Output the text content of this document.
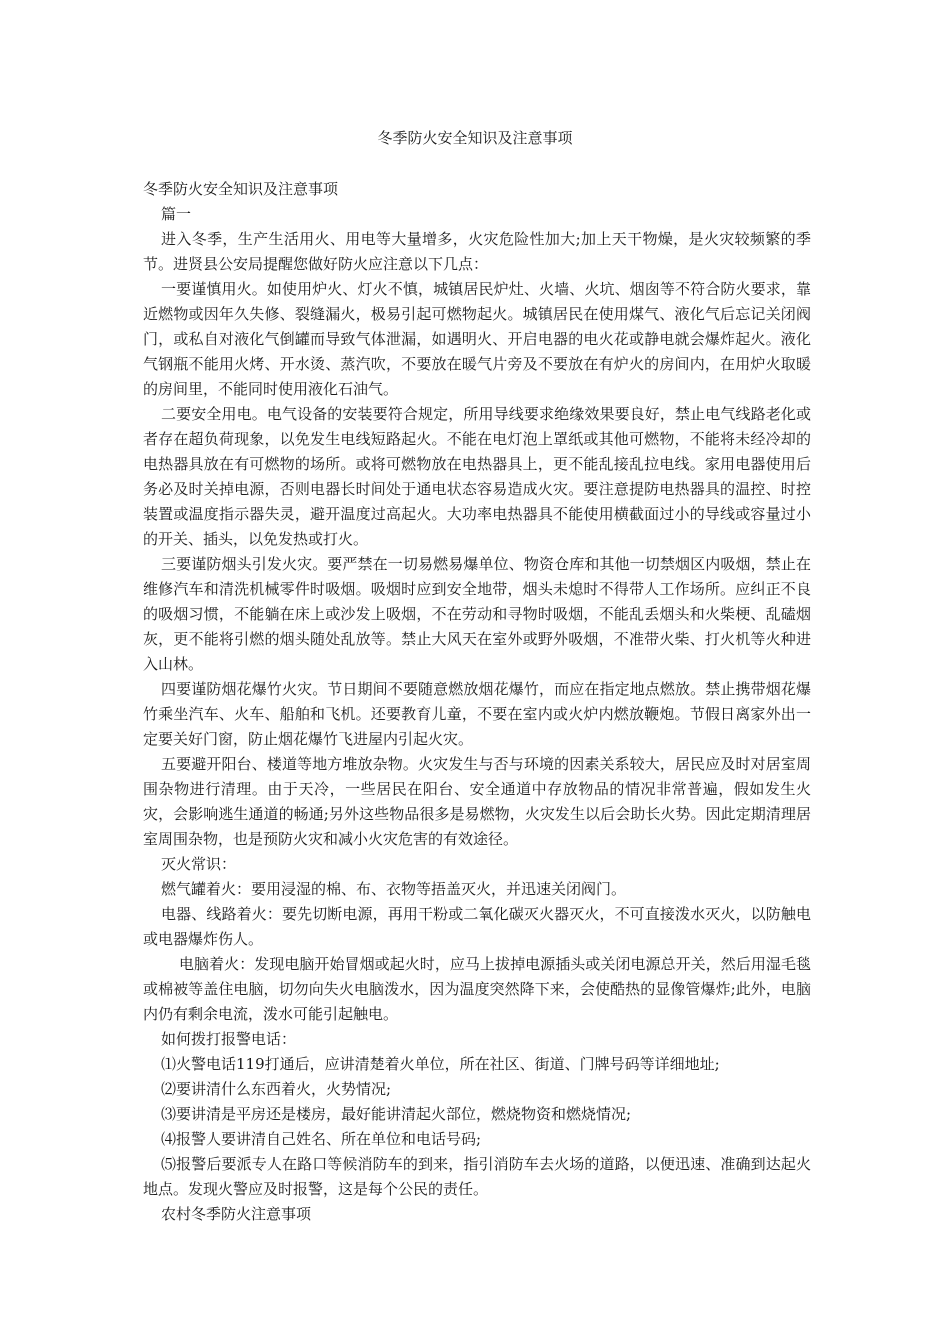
冬季防火安全知识及注意事项

冬季防火安全知识及注意事项

篇一

进入冬季，生产生活用火、用电等大量增多，火灾危险性加大;加上天干物燥，是火灾较频繁的季节。进贤县公安局提醒您做好防火应注意以下几点：

一要谨慎用火。如使用炉火、灯火不慎，城镇居民炉灶、火墙、火坑、烟囱等不符合防火要求，靠近燃物或因年久失修、裂缝漏火，极易引起可燃物起火。城镇居民在使用煤气、液化气后忘记关闭阀门，或私自对液化气倒罐而导致气体泄漏，如遇明火、开启电器的电火花或静电就会爆炸起火。液化气钢瓶不能用火烤、开水烫、蒸汽吹，不要放在暖气片旁及不要放在有炉火的房间内，在用炉火取暖的房间里，不能同时使用液化石油气。

二要安全用电。电气设备的安装要符合规定，所用导线要求绝缘效果要良好，禁止电气线路老化或者存在超负荷现象，以免发生电线短路起火。不能在电灯泡上罩纸或其他可燃物，不能将未经冷却的电热器具放在有可燃物的场所。或将可燃物放在电热器具上，更不能乱接乱拉电线。家用电器使用后务必及时关掉电源，否则电器长时间处于通电状态容易造成火灾。要注意提防电热器具的温控、时控装置或温度指示器失灵，避开温度过高起火。大功率电热器具不能使用横截面过小的导线或容量过小的开关、插头，以免发热或打火。

三要谨防烟头引发火灾。要严禁在一切易燃易爆单位、物资仓库和其他一切禁烟区内吸烟，禁止在维修汽车和清洗机械零件时吸烟。吸烟时应到安全地带，烟头未熄时不得带人工作场所。应纠正不良的吸烟习惯，不能躺在床上或沙发上吸烟，不在劳动和寻物时吸烟，不能乱丢烟头和火柴梗、乱磕烟灰，更不能将引燃的烟头随处乱放等。禁止大风天在室外或野外吸烟，不准带火柴、打火机等火种进入山林。

四要谨防烟花爆竹火灾。节日期间不要随意燃放烟花爆竹，而应在指定地点燃放。禁止携带烟花爆竹乘坐汽车、火车、船舶和飞机。还要教育儿童，不要在室内或火炉内燃放鞭炮。节假日离家外出一定要关好门窗，防止烟花爆竹飞进屋内引起火灾。

五要避开阳台、楼道等地方堆放杂物。火灾发生与否与环境的因素关系较大，居民应及时对居室周围杂物进行清理。由于天冷，一些居民在阳台、安全通道中存放物品的情况非常普遍，假如发生火灾，会影响逃生通道的畅通;另外这些物品很多是易燃物，火灾发生以后会助长火势。因此定期清理居室周围杂物，也是预防火灾和减小火灾危害的有效途径。

灭火常识：

燃气罐着火：要用浸湿的棉、布、衣物等捂盖灭火，并迅速关闭阀门。

电器、线路着火：要先切断电源，再用干粉或二氧化碳灭火器灭火，不可直接泼水灭火，以防触电或电器爆炸伤人。

电脑着火：发现电脑开始冒烟或起火时，应马上拔掉电源插头或关闭电源总开关，然后用湿毛毯或棉被等盖住电脑，切勿向失火电脑泼水，因为温度突然降下来，会使酷热的显像管爆炸;此外，电脑内仍有剩余电流，泼水可能引起触电。

如何拨打报警电话：

⑴火警电话119打通后，应讲清楚着火单位，所在社区、街道、门牌号码等详细地址;

⑵要讲清什么东西着火，火势情况;

⑶要讲清是平房还是楼房，最好能讲清起火部位，燃烧物资和燃烧情况;

⑷报警人要讲清自己姓名、所在单位和电话号码;

⑸报警后要派专人在路口等候消防车的到来，指引消防车去火场的道路，以便迅速、准确到达起火地点。发现火警应及时报警，这是每个公民的责任。

农村冬季防火注意事项
